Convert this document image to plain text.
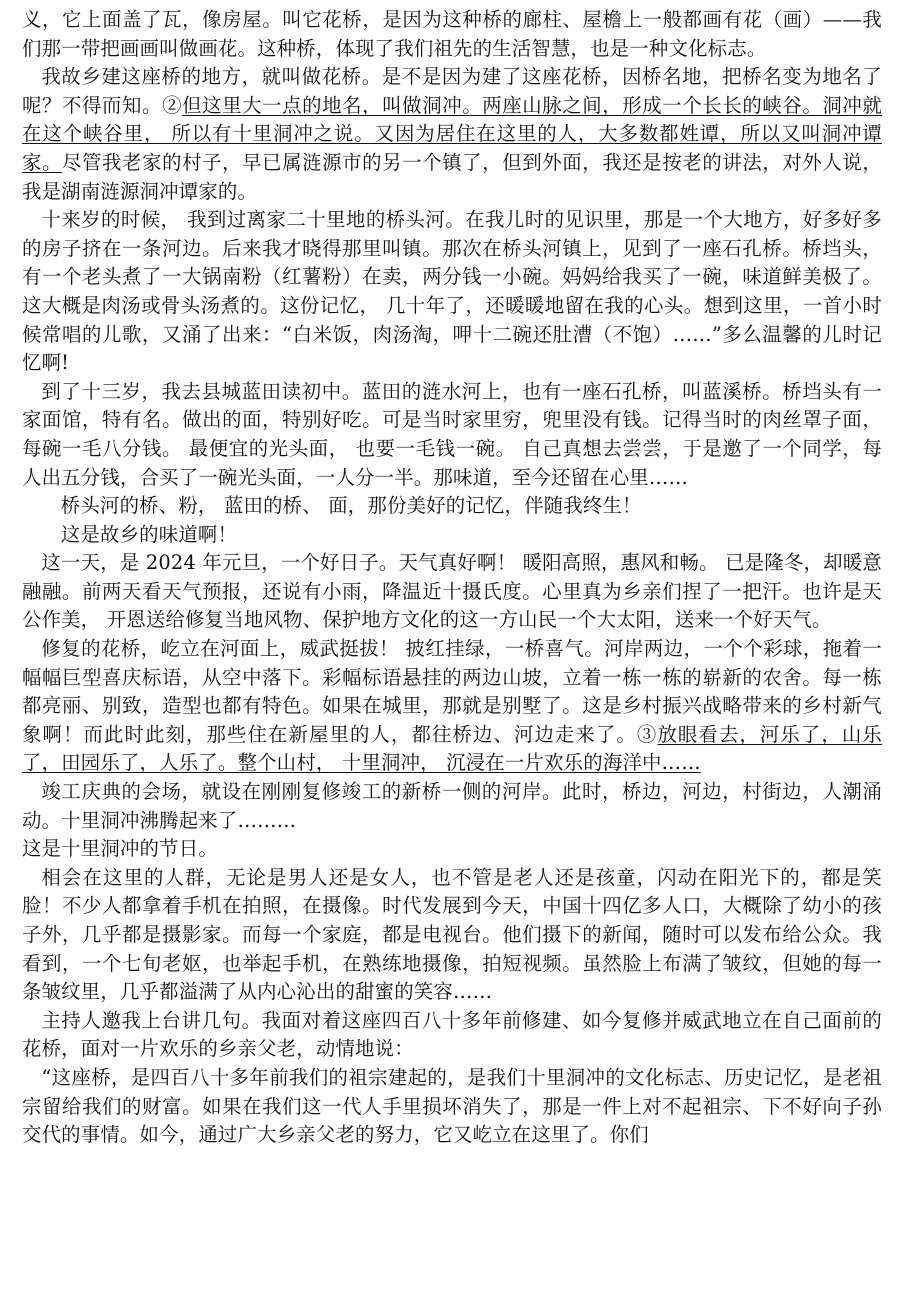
义，它上面盖了瓦，像房屋。叫它花桥，是因为这种桥的廊柱、屋檐上一般都画有花（画）——我们那一带把画画叫做画花。这种桥，体现了我们祖先的生活智慧，也是一种文化标志。

我故乡建这座桥的地方，就叫做花桥。是不是因为建了这座花桥，因桥名地，把桥名变为地名了呢？不得而知。②但这里大一点的地名，叫做洞冲。两座山脉之间，形成一个长长的峡谷。洞冲就在这个峡谷里， 所以有十里洞冲之说。又因为居住在这里的人，大多数都姓谭，所以又叫洞冲谭家。尽管我老家的村子，早已属涟源市的另一个镇了，但到外面，我还是按老的讲法，对外人说，我是湖南涟源洞冲谭家的。

十来岁的时候， 我到过离家二十里地的桥头河。在我儿时的见识里，那是一个大地方，好多好多的房子挤在一条河边。后来我才晓得那里叫镇。那次在桥头河镇上，见到了一座石孔桥。桥垱头，有一个老头煮了一大锅南粉（红薯粉）在卖，两分钱一小碗。妈妈给我买了一碗，味道鲜美极了。这大概是肉汤或骨头汤煮的。这份记忆， 几十年了，还暖暖地留在我的心头。想到这里，一首小时候常唱的儿歌，又涌了出来：“白米饭，肉汤淘，呷十二碗还肚漕（不饱）……”多么温馨的儿时记忆啊!

到了十三岁，我去县城蓝田读初中。蓝田的涟水河上，也有一座石孔桥，叫蓝溪桥。桥垱头有一家面馆，特有名。做出的面，特别好吃。可是当时家里穷，兜里没有钱。记得当时的肉丝罩子面，每碗一毛八分钱。 最便宜的光头面， 也要一毛钱一碗。 自己真想去尝尝，于是邀了一个同学，每人出五分钱，合买了一碗光头面，一人分一半。那味道，至今还留在心里……

桥头河的桥、粉， 蓝田的桥、 面，那份美好的记忆，伴随我终生！

这是故乡的味道啊！

这一天，是 2024 年元旦，一个好日子。天气真好啊！ 暖阳高照，惠风和畅。 已是隆冬，却暖意融融。前两天看天气预报，还说有小雨，降温近十摄氏度。心里真为乡亲们捏了一把汗。也许是天公作美， 开恩送给修复当地风物、保护地方文化的这一方山民一个大太阳，送来一个好天气。

修复的花桥，屹立在河面上，威武挺拔！ 披红挂绿，一桥喜气。河岸两边，一个个彩球，拖着一幅幅巨型喜庆标语，从空中落下。彩幅标语悬挂的两边山坡，立着一栋一栋的崭新的农舍。每一栋都亮丽、别致，造型也都有特色。如果在城里，那就是别墅了。这是乡村振兴战略带来的乡村新气象啊！而此时此刻，那些住在新屋里的人，都往桥边、河边走来了。③放眼看去，河乐了，山乐了，田园乐了，人乐了。整个山村， 十里洞冲， 沉浸在一片欢乐的海洋中……

竣工庆典的会场，就设在刚刚复修竣工的新桥一侧的河岸。此时，桥边，河边，村街边，人潮涌动。十里洞冲沸腾起来了………

这是十里洞冲的节日。

相会在这里的人群，无论是男人还是女人，也不管是老人还是孩童，闪动在阳光下的，都是笑脸！不少人都拿着手机在拍照，在摄像。时代发展到今天，中国十四亿多人口，大概除了幼小的孩子外，几乎都是摄影家。而每一个家庭，都是电视台。他们摄下的新闻，随时可以发布给公众。我看到，一个七旬老妪，也举起手机，在熟练地摄像，拍短视频。虽然脸上布满了皱纹，但她的每一条皱纹里，几乎都溢满了从内心沁出的甜蜜的笑容……

主持人邀我上台讲几句。我面对着这座四百八十多年前修建、如今复修并威武地立在自己面前的花桥，面对一片欢乐的乡亲父老，动情地说：

“这座桥，是四百八十多年前我们的祖宗建起的，是我们十里洞冲的文化标志、历史记忆，是老祖宗留给我们的财富。如果在我们这一代人手里损坏消失了，那是一件上对不起祖宗、下不好向子孙交代的事情。如今，通过广大乡亲父老的努力，它又屹立在这里了。你们
